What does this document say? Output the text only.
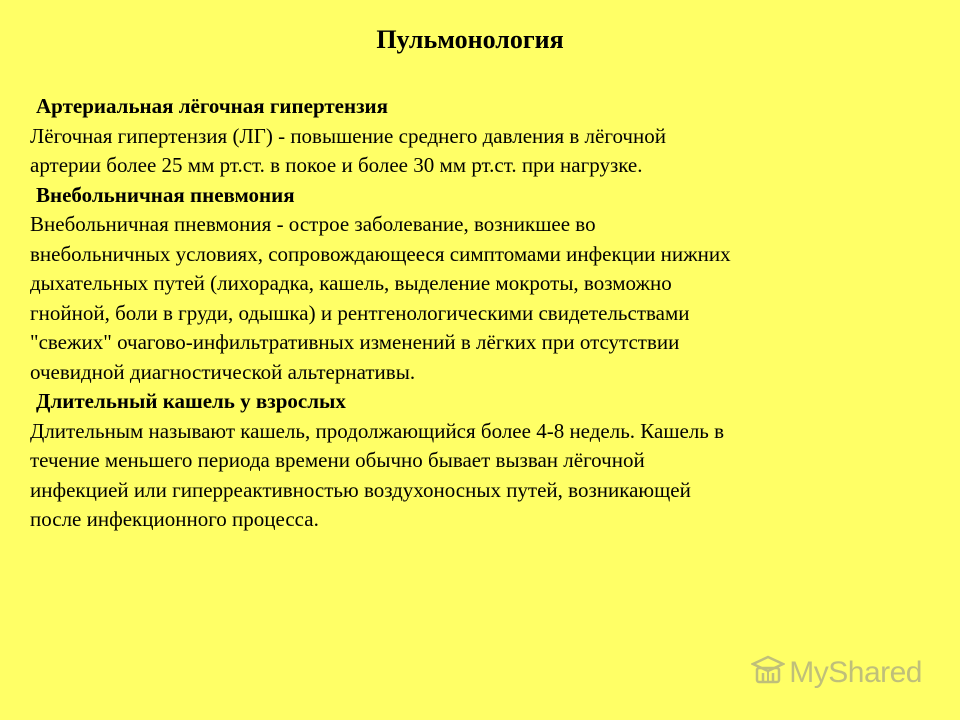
Пульмонология
Артериальная лёгочная гипертензия
Лёгочная гипертензия (ЛГ) - повышение среднего давления в лёгочной
артерии более 25 мм рт.ст. в покое и более 30 мм рт.ст. при нагрузке.
Внебольничная пневмония
Внебольничная пневмония - острое заболевание, возникшее во
внебольничных условиях, сопровождающееся симптомами инфекции нижних
дыхательных путей (лихорадка, кашель, выделение мокроты, возможно
гнойной, боли в груди, одышка) и рентгенологическими свидетельствами
"свежих" очагово-инфильтративных изменений в лёгких при отсутствии
очевидной диагностической альтернативы.
Длительный кашель у взрослых
Длительным называют кашель, продолжающийся более 4-8 недель. Кашель в
течение меньшего периода времени обычно бывает вызван лёгочной
инфекцией или гиперреактивностью воздухоносных путей, возникающей
после инфекционного процесса.
MyShared
